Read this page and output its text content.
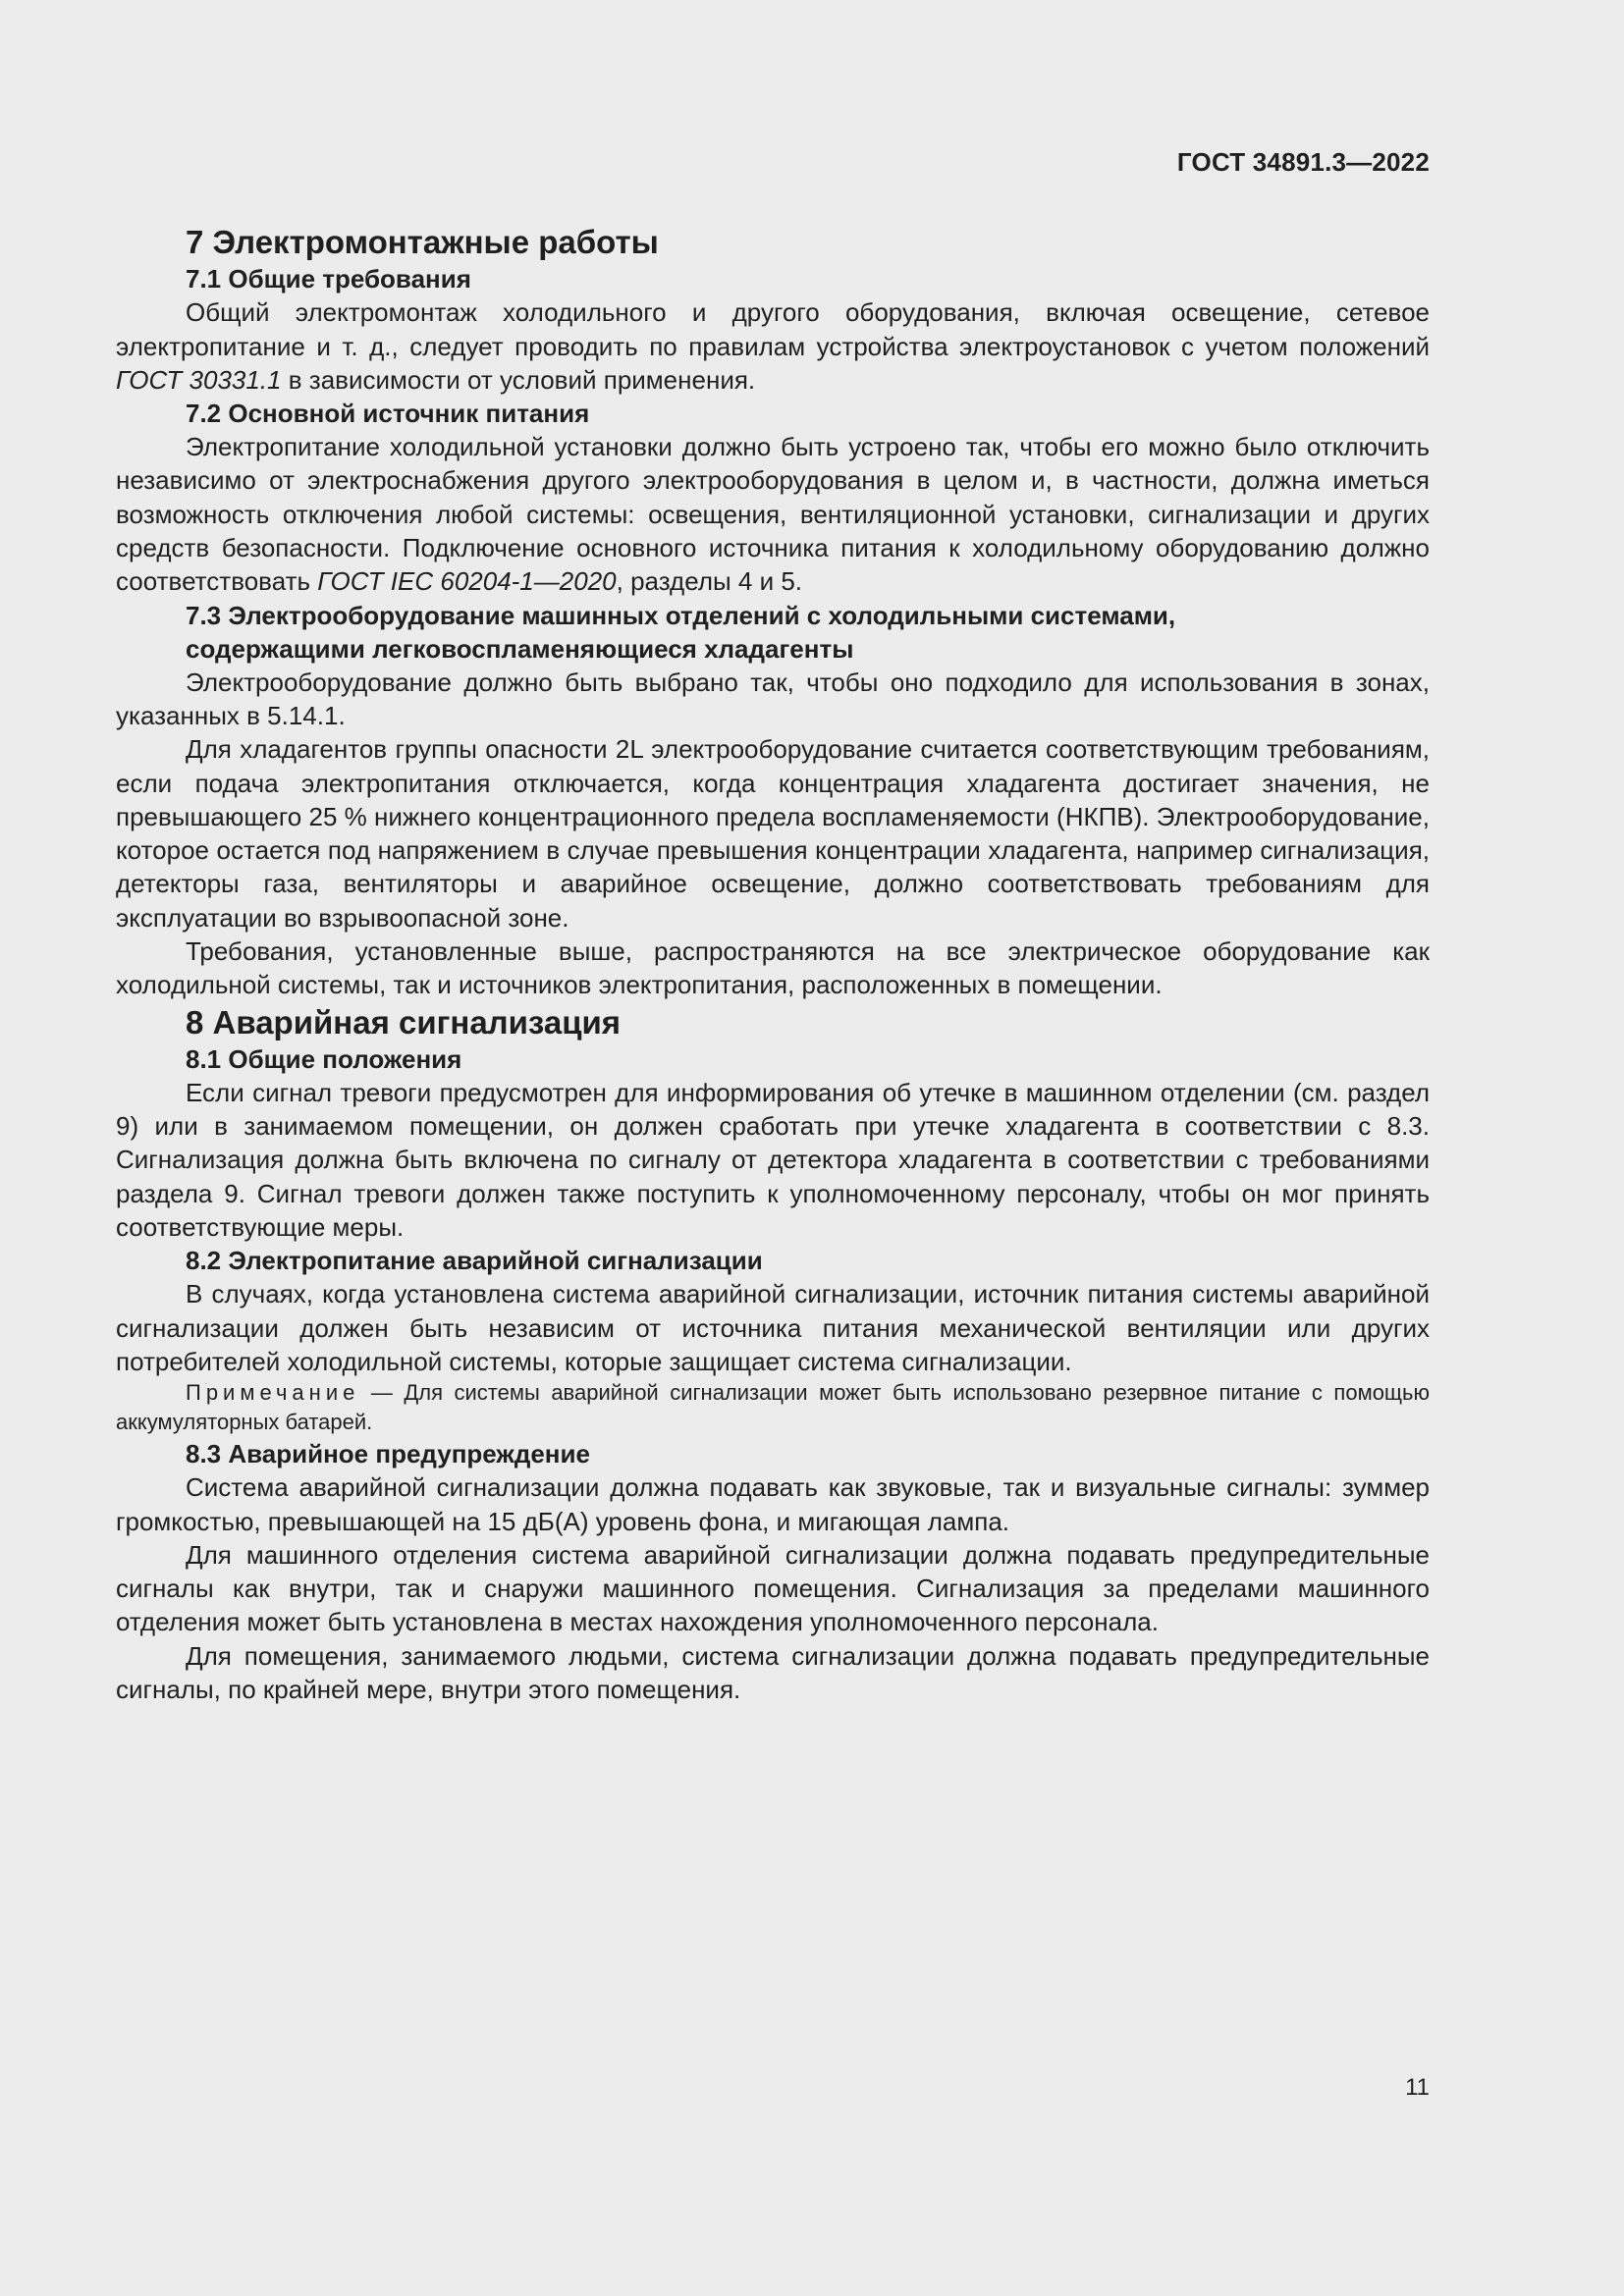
ГОСТ 34891.3—2022
7 Электромонтажные работы
7.1 Общие требования

Общий электромонтаж холодильного и другого оборудования, включая освещение, сетевое электропитание и т. д., следует проводить по правилам устройства электроустановок с учетом положений ГОСТ 30331.1 в зависимости от условий применения.

7.2 Основной источник питания

Электропитание холодильной установки должно быть устроено так, чтобы его можно было отключить независимо от электроснабжения другого электрооборудования в целом и, в частности, должна иметься возможность отключения любой системы: освещения, вентиляционной установки, сигнализации и других средств безопасности. Подключение основного источника питания к холодильному оборудованию должно соответствовать ГОСТ IEC 60204-1—2020, разделы 4 и 5.

7.3 Электрооборудование машинных отделений с холодильными системами, содержащими легковоспламеняющиеся хладагенты

Электрооборудование должно быть выбрано так, чтобы оно подходило для использования в зонах, указанных в 5.14.1.

Для хладагентов группы опасности 2L электрооборудование считается соответствующим требованиям, если подача электропитания отключается, когда концентрация хладагента достигает значения, не превышающего 25 % нижнего концентрационного предела воспламеняемости (НКПВ). Электрооборудование, которое остается под напряжением в случае превышения концентрации хладагента, например сигнализация, детекторы газа, вентиляторы и аварийное освещение, должно соответствовать требованиям для эксплуатации во взрывоопасной зоне.

Требования, установленные выше, распространяются на все электрическое оборудование как холодильной системы, так и источников электропитания, расположенных в помещении.

8 Аварийная сигнализация
8.1 Общие положения

Если сигнал тревоги предусмотрен для информирования об утечке в машинном отделении (см. раздел 9) или в занимаемом помещении, он должен сработать при утечке хладагента в соответствии с 8.3. Сигнализация должна быть включена по сигналу от детектора хладагента в соответствии с требованиями раздела 9. Сигнал тревоги должен также поступить к уполномоченному персоналу, чтобы он мог принять соответствующие меры.

8.2 Электропитание аварийной сигнализации

В случаях, когда установлена система аварийной сигнализации, источник питания системы аварийной сигнализации должен быть независим от источника питания механической вентиляции или других потребителей холодильной системы, которые защищает система сигнализации.

Примечание — Для системы аварийной сигнализации может быть использовано резервное питание с помощью аккумуляторных батарей.

8.3 Аварийное предупреждение

Система аварийной сигнализации должна подавать как звуковые, так и визуальные сигналы: зуммер громкостью, превышающей на 15 дБ(А) уровень фона, и мигающая лампа.

Для машинного отделения система аварийной сигнализации должна подавать предупредительные сигналы как внутри, так и снаружи машинного помещения. Сигнализация за пределами машинного отделения может быть установлена в местах нахождения уполномоченного персонала.

Для помещения, занимаемого людьми, система сигнализации должна подавать предупредительные сигналы, по крайней мере, внутри этого помещения.

11
